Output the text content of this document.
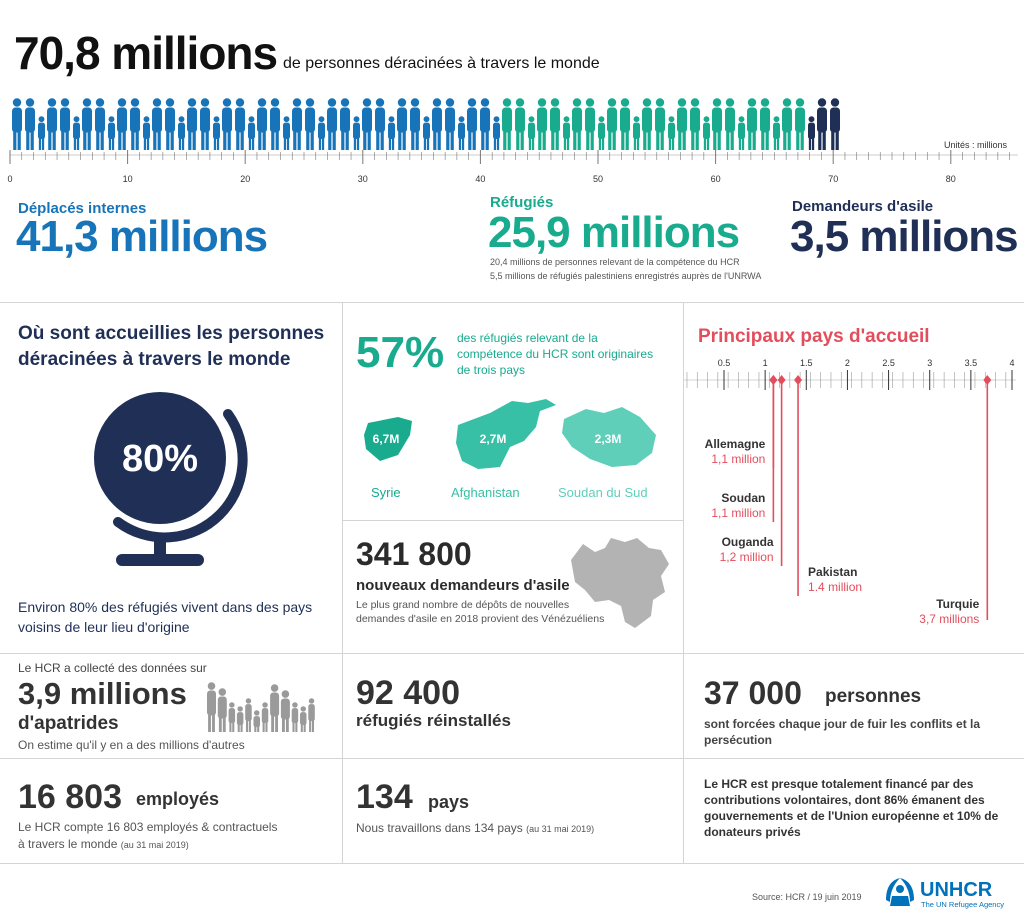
70,8 millions de personnes déracinées à travers le monde
Unités : millions
0	10	20	30	40	50	60	70	80
Déplacés internes
41,3 millions
Réfugiés
25,9 millions
20,4 millions de personnes relevant de la compétence du HCR
5,5 millions de réfugiés palestiniens enregistrés auprès de l'UNRWA
Demandeurs d'asile
3,5 millions
Où sont accueillies les personnes déracinées à travers le monde
80%
Environ 80% des réfugiés vivent dans des pays voisins de leur lieu d'origine
57% des réfugiés relevant de la compétence du HCR sont originaires de trois pays
6,7M	2,7M	2,3M
Syrie	Afghanistan	Soudan du Sud
341 800
nouveaux demandeurs d'asile
Le plus grand nombre de dépôts de nouvelles demandes d'asile en 2018 provient des Vénézuéliens
Principaux pays d'accueil
0.5	1	1.5	2	2.5	3	3.5	4
Allemagne
1,1 million
Soudan
1,1 million
Ouganda
1,2 million
Pakistan
1.4 million
Turquie
3,7 millions
Le HCR a collecté des données sur
3,9 millions
d'apatrides
On estime qu'il y en a des millions d'autres
92 400
réfugiés réinstallés
37 000 personnes
sont forcées chaque jour de fuir les conflits et la persécution
16 803 employés
Le HCR compte 16 803 employés & contractuels
à travers le monde (au 31 mai 2019)
134 pays
Nous travaillons dans 134 pays (au 31 mai 2019)
Le HCR est presque totalement financé par des contributions volontaires, dont 86% émanent des gouvernements et de l'Union européenne et 10% de donateurs privés
Source: HCR / 19 juin 2019	UNHCR
The UN Refugee Agency
